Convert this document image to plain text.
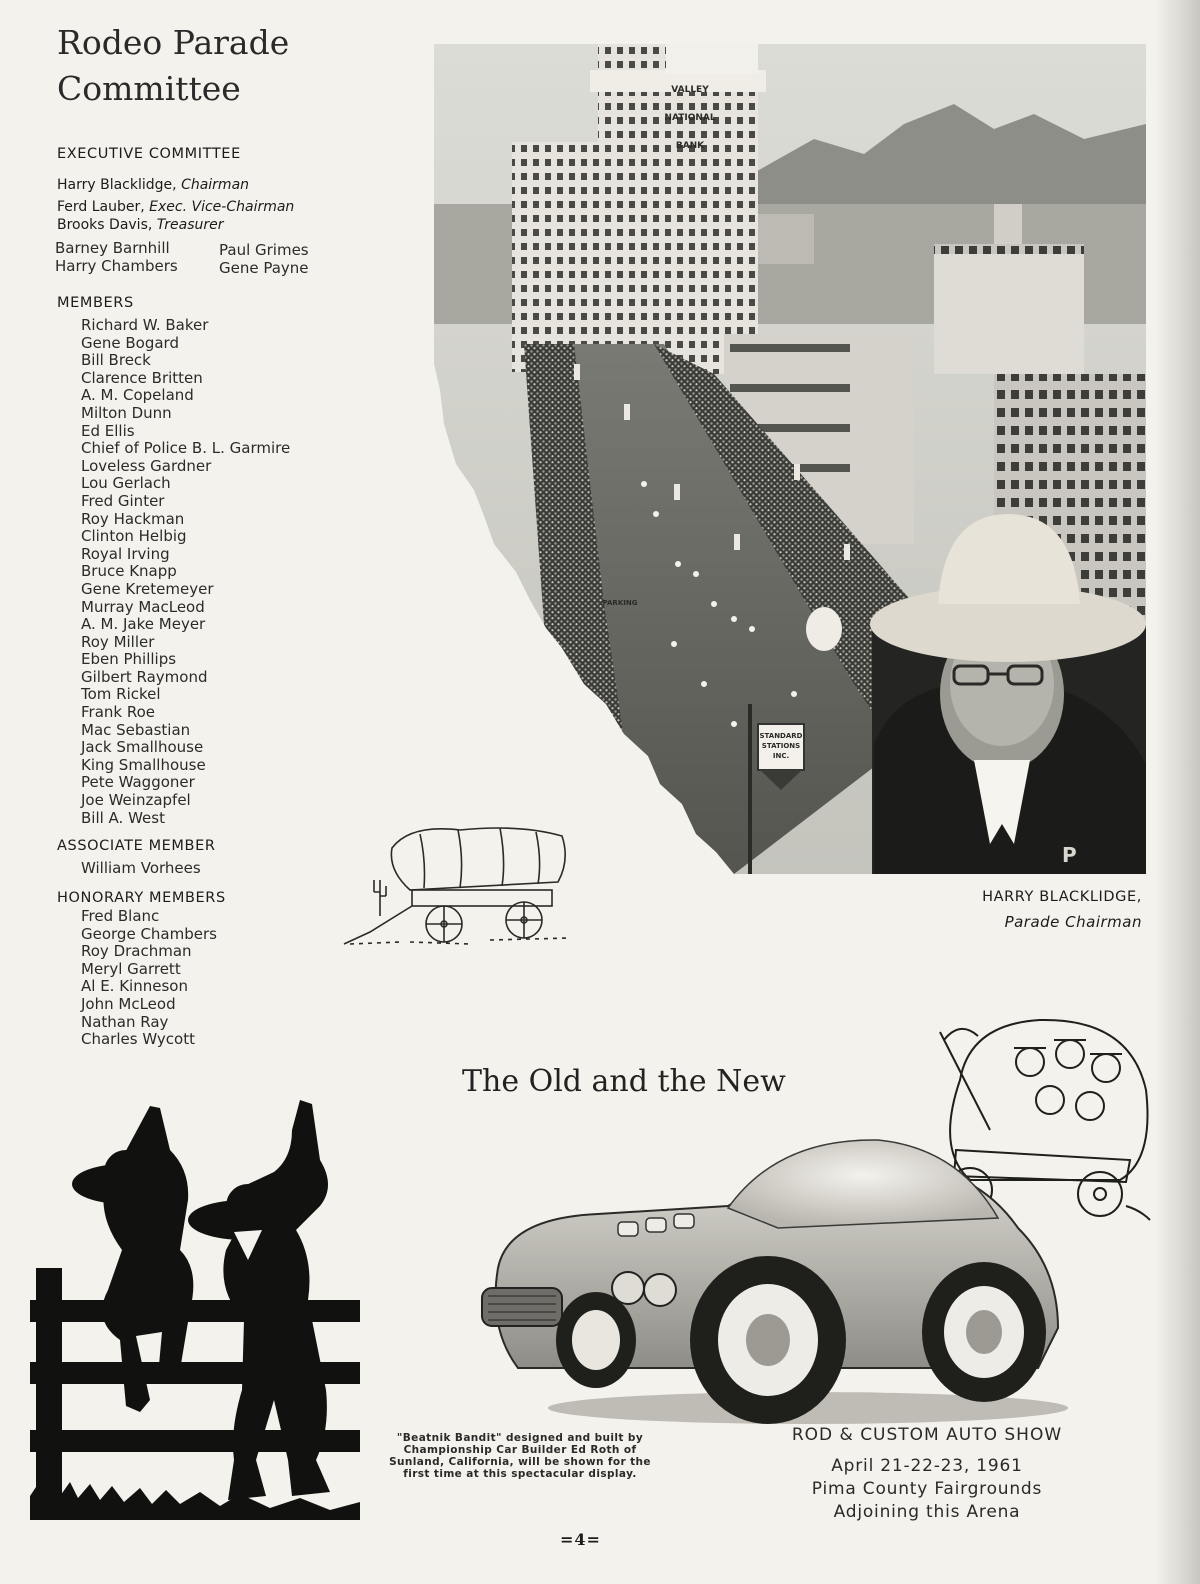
Rodeo Parade
Committee
EXECUTIVE COMMITTEE
Harry Blacklidge, Chairman
Ferd Lauber, Exec. Vice-Chairman
Brooks Davis, Treasurer
Barney Barnhill
Harry Chambers
Paul Grimes
Gene Payne
MEMBERS
Richard W. Baker
Gene Bogard
Bill Breck
Clarence Britten
A. M. Copeland
Milton Dunn
Ed Ellis
Chief of Police B. L. Garmire
Loveless Gardner
Lou Gerlach
Fred Ginter
Roy Hackman
Clinton Helbig
Royal Irving
Bruce Knapp
Gene Kretemeyer
Murray MacLeod
A. M. Jake Meyer
Roy Miller
Eben Phillips
Gilbert Raymond
Tom Rickel
Frank Roe
Mac Sebastian
Jack Smallhouse
King Smallhouse
Pete Waggoner
Joe Weinzapfel
Bill A. West
ASSOCIATE MEMBER
William Vorhees
HONORARY MEMBERS
Fred Blanc
George Chambers
Roy Drachman
Meryl Garrett
Al E. Kinneson
John McLeod
Nathan Ray
Charles Wycott
VALLEY
NATIONAL
BANK
STANDARD
STATIONS
INC.
PARKING
P
HARRY BLACKLIDGE,
Parade Chairman
The Old and the New
"Beatnik Bandit" designed and built by Championship Car Builder Ed Roth of Sunland, California, will be shown for the first time at this spectacular display.
ROD & CUSTOM AUTO SHOW
April 21-22-23, 1961
Pima County Fairgrounds
Adjoining this Arena
=4=
